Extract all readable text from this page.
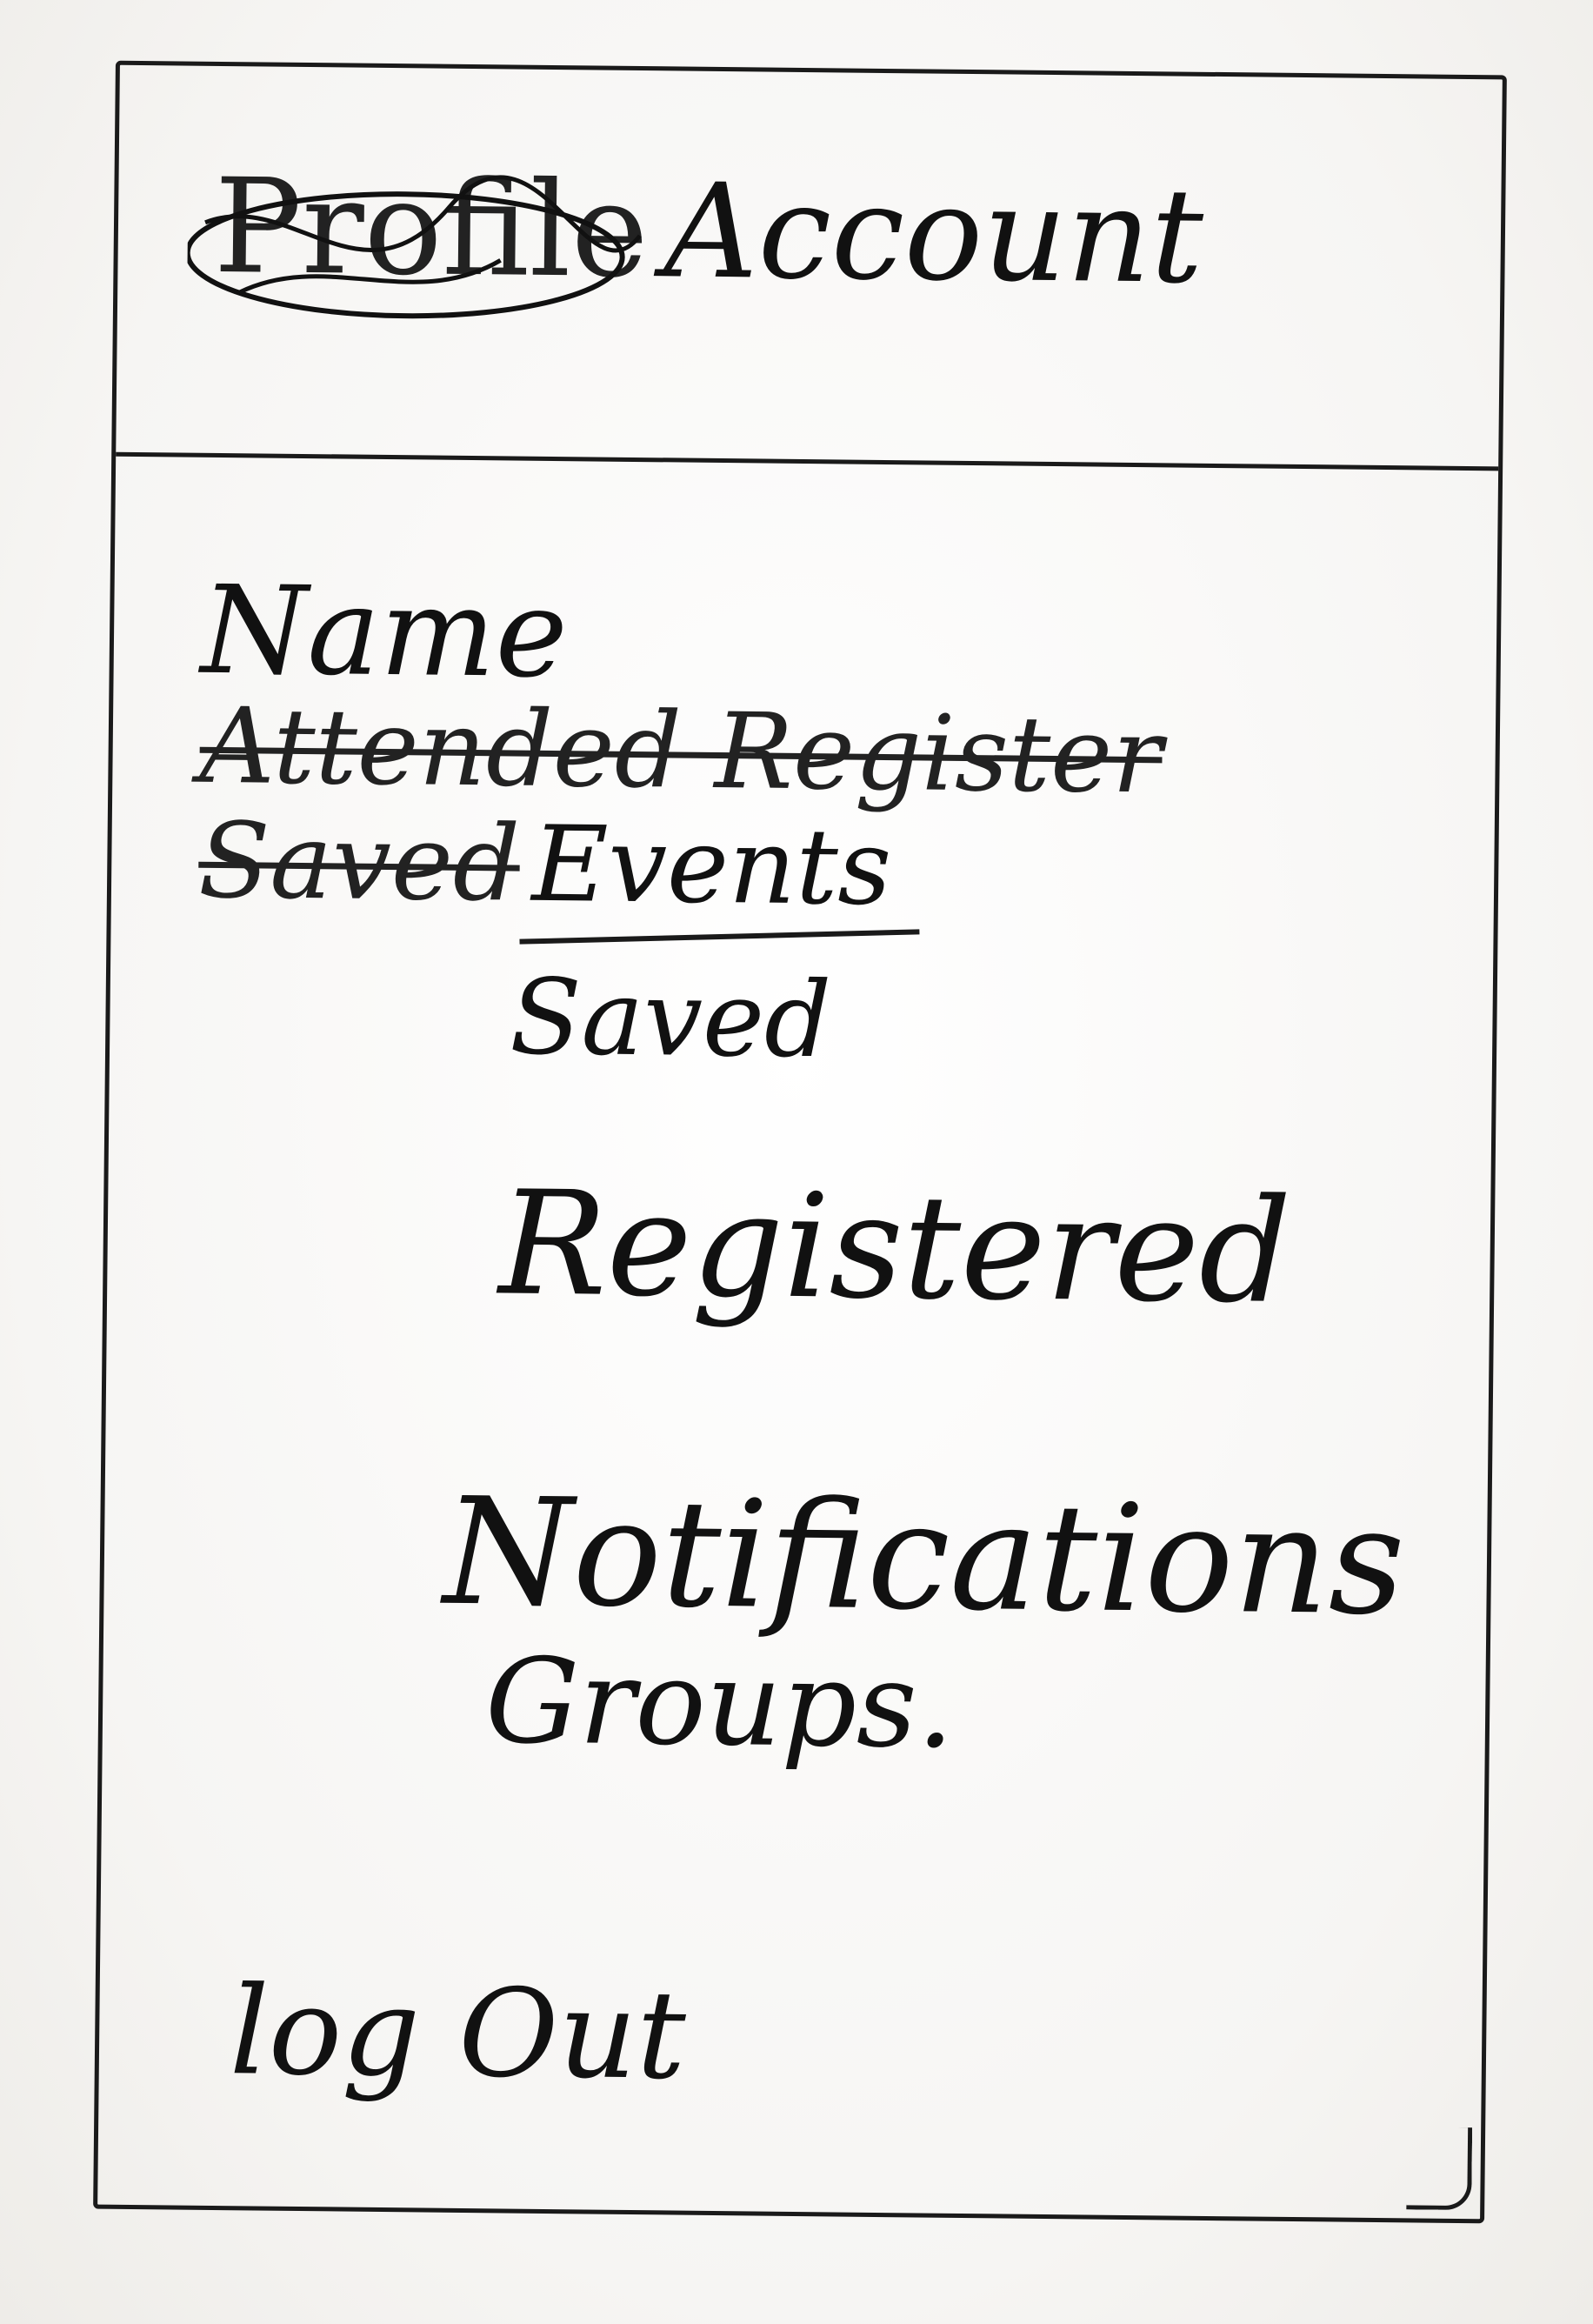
Profile Account
Name
Attended Register
Saved Events
Saved
Registered
Notifications
Groups.
log Out
